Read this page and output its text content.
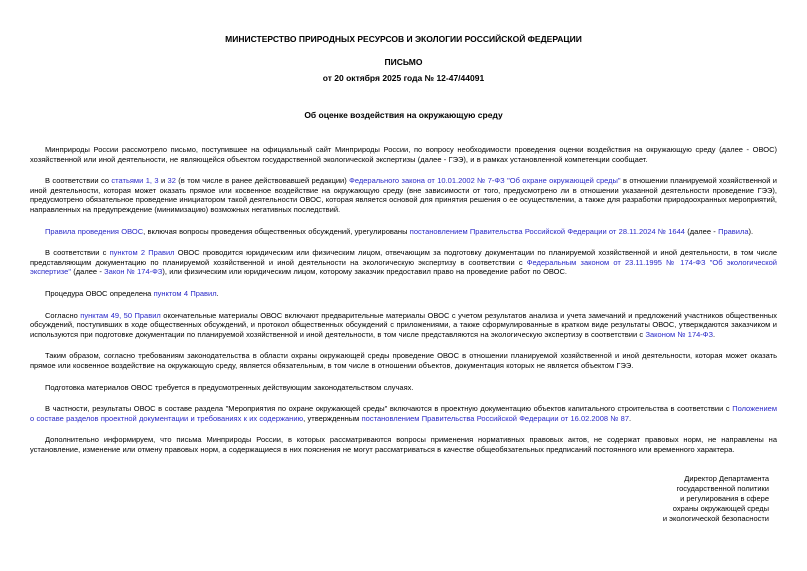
МИНИСТЕРСТВО ПРИРОДНЫХ РЕСУРСОВ И ЭКОЛОГИИ РОССИЙСКОЙ ФЕДЕРАЦИИ
ПИСЬМО
от 20 октября 2025 года № 12-47/44091
Об оценке воздействия на окружающую среду

Минприроды России рассмотрело письмо, поступившее на официальный сайт Минприроды России, по вопросу необходимости проведения оценки воздействия на окружающую среду (далее - ОВОС) хозяйственной или иной деятельности, не являющейся объектом государственной экологической экспертизы (далее - ГЭЭ), и в рамках установленной компетенции сообщает.

В соответствии со статьями 1, 3 и 32 (в том числе в ранее действовавшей редакции) Федерального закона от 10.01.2002 № 7-ФЗ "Об охране окружающей среды" в отношении планируемой хозяйственной и иной деятельности, которая может оказать прямое или косвенное воздействие на окружающую среду (вне зависимости от того, предусмотрено ли в отношении указанной деятельности проведение ГЭЭ), предусмотрено обязательное проведение инициатором такой деятельности ОВОС, которая является основой для принятия решения о ее осуществлении, а также для разработки природоохранных мероприятий, направленных на предупреждение (минимизацию) возможных негативных последствий.

Правила проведения ОВОС, включая вопросы проведения общественных обсуждений, урегулированы постановлением Правительства Российской Федерации от 28.11.2024 № 1644 (далее - Правила).

В соответствии с пунктом 2 Правил ОВОС проводится юридическим или физическим лицом, отвечающим за подготовку документации по планируемой хозяйственной и иной деятельности, в том числе представляющим документацию по планируемой хозяйственной и иной деятельности на экологическую экспертизу в соответствии с Федеральным законом от 23.11.1995 № 174-ФЗ "Об экологической экспертизе" (далее - Закон № 174-ФЗ), или физическим или юридическим лицом, которому заказчик предоставил право на проведение работ по ОВОС.

Процедура ОВОС определена пунктом 4 Правил.

Согласно пунктам 49, 50 Правил окончательные материалы ОВОС включают предварительные материалы ОВОС с учетом результатов анализа и учета замечаний и предложений участников общественных обсуждений, поступивших в ходе общественных обсуждений, и протокол общественных обсуждений с приложениями, а также сформулированные в кратком виде результаты ОВОС, утверждаются заказчиком и используются при подготовке документации по планируемой хозяйственной и иной деятельности, в том числе представляются на экологическую экспертизу в соответствии с Законом № 174-ФЗ.

Таким образом, согласно требованиям законодательства в области охраны окружающей среды проведение ОВОС в отношении планируемой хозяйственной и иной деятельности, которая может оказать прямое или косвенное воздействие на окружающую среду, является обязательным, в том числе в отношении объектов, документация которых не является объектом ГЭЭ.

Подготовка материалов ОВОС требуется в предусмотренных действующим законодательством случаях.

В частности, результаты ОВОС в составе раздела "Мероприятия по охране окружающей среды" включаются в проектную документацию объектов капитального строительства в соответствии с Положением о составе разделов проектной документации и требованиях к их содержанию, утвержденным постановлением Правительства Российской Федерации от 16.02.2008 № 87.

Дополнительно информируем, что письма Минприроды России, в которых рассматриваются вопросы применения нормативных правовых актов, не содержат правовых норм, не направлены на установление, изменение или отмену правовых норм, а содержащиеся в них пояснения не могут рассматриваться в качестве общеобязательных предписаний постоянного или временного характера.

Директор Департамента
государственной политики
и регулирования в сфере
охраны окружающей среды
и экологической безопасности
